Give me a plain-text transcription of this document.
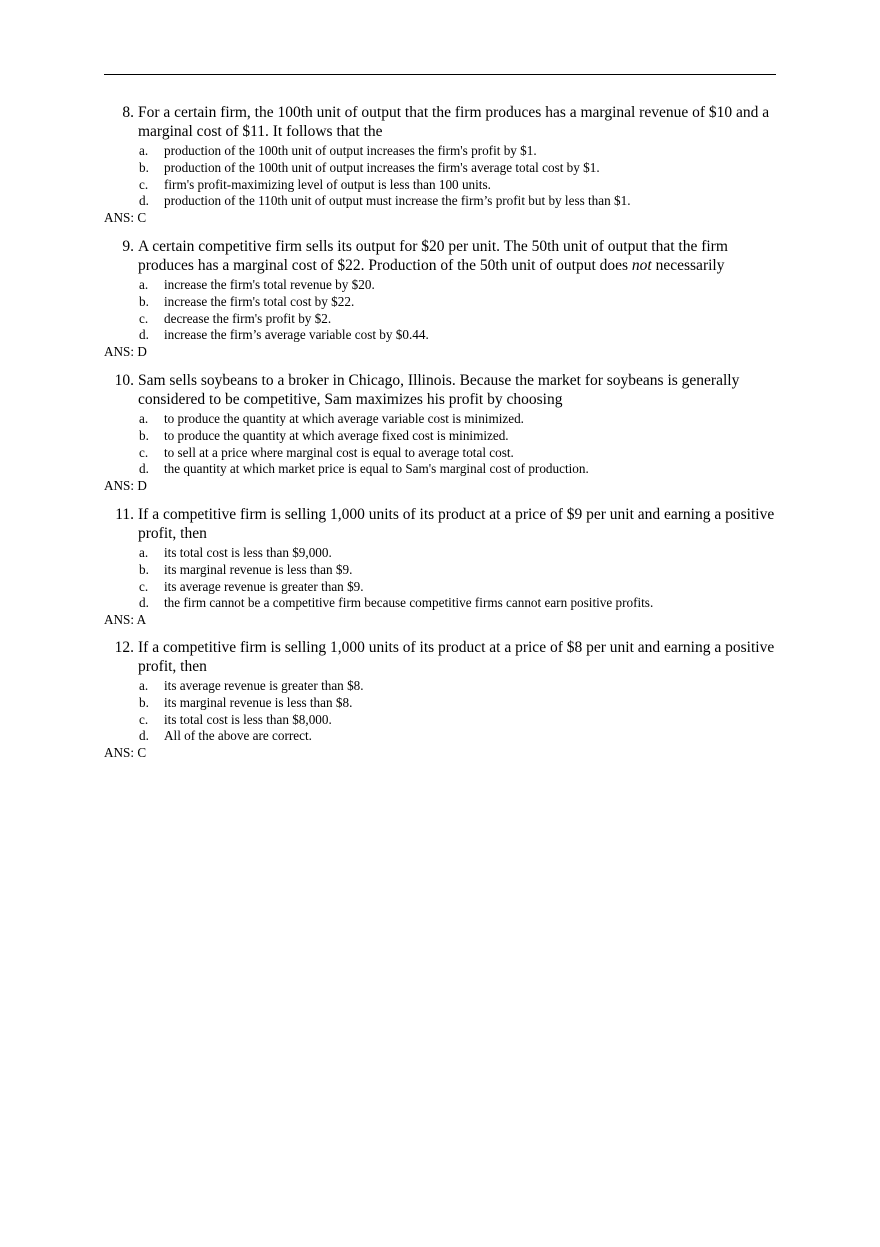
8. For a certain firm, the 100th unit of output that the firm produces has a marginal revenue of $10 and a marginal cost of $11. It follows that the
a. production of the 100th unit of output increases the firm's profit by $1.
b. production of the 100th unit of output increases the firm's average total cost by $1.
c. firm's profit-maximizing level of output is less than 100 units.
d. production of the 110th unit of output must increase the firm’s profit but by less than $1.
ANS: C
9. A certain competitive firm sells its output for $20 per unit. The 50th unit of output that the firm produces has a marginal cost of $22. Production of the 50th unit of output does not necessarily
a. increase the firm's total revenue by $20.
b. increase the firm's total cost by $22.
c. decrease the firm's profit by $2.
d. increase the firm’s average variable cost by $0.44.
ANS: D
10. Sam sells soybeans to a broker in Chicago, Illinois. Because the market for soybeans is generally considered to be competitive, Sam maximizes his profit by choosing
a. to produce the quantity at which average variable cost is minimized.
b. to produce the quantity at which average fixed cost is minimized.
c. to sell at a price where marginal cost is equal to average total cost.
d. the quantity at which market price is equal to Sam's marginal cost of production.
ANS: D
11. If a competitive firm is selling 1,000 units of its product at a price of $9 per unit and earning a positive profit, then
a. its total cost is less than $9,000.
b. its marginal revenue is less than $9.
c. its average revenue is greater than $9.
d. the firm cannot be a competitive firm because competitive firms cannot earn positive profits.
ANS: A
12. If a competitive firm is selling 1,000 units of its product at a price of $8 per unit and earning a positive profit, then
a. its average revenue is greater than $8.
b. its marginal revenue is less than $8.
c. its total cost is less than $8,000.
d. All of the above are correct.
ANS: C
